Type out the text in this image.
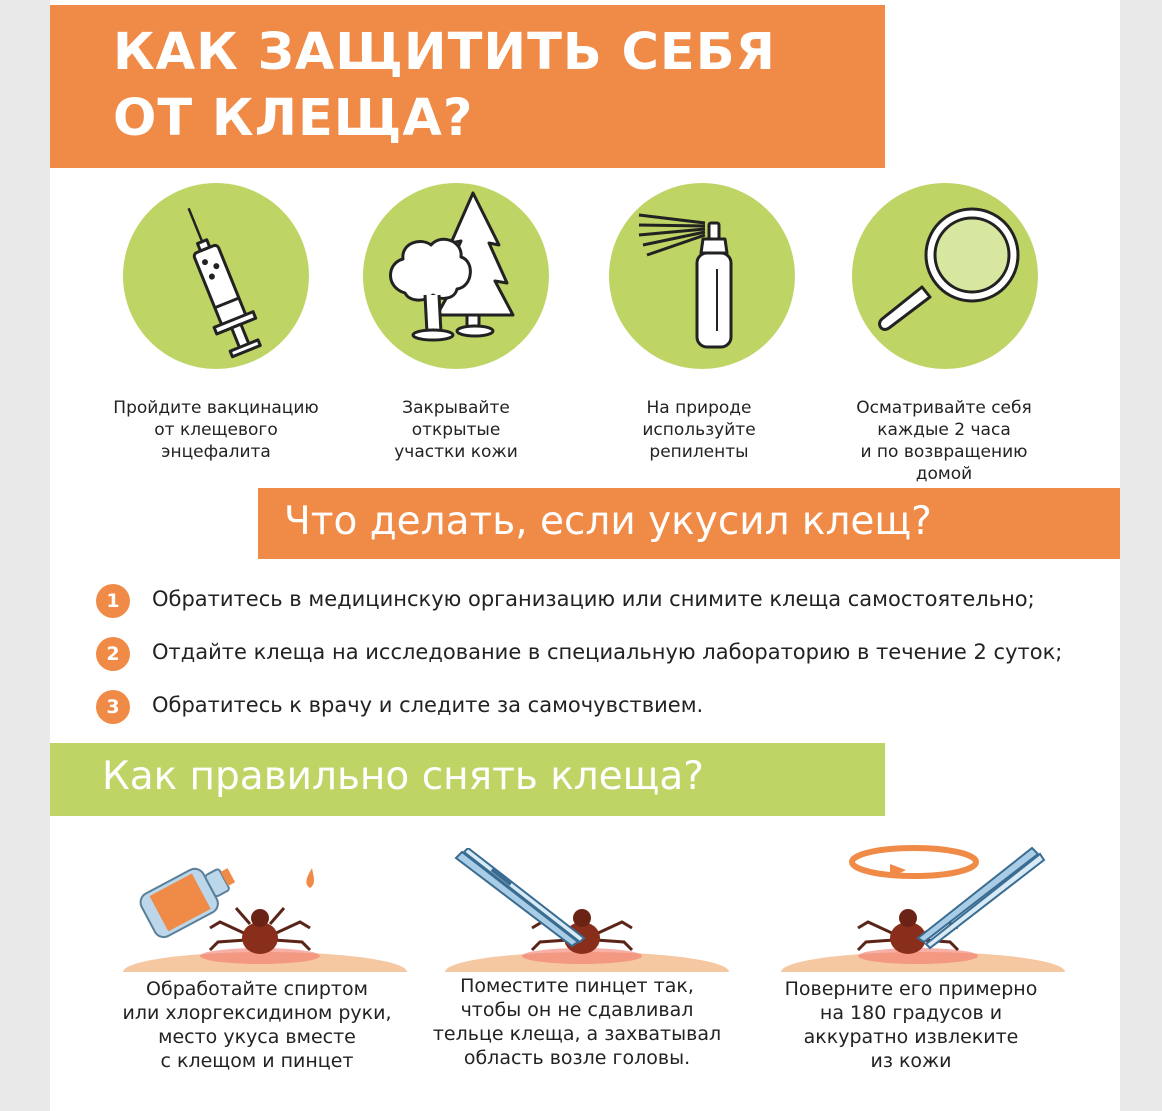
КАК ЗАЩИТИТЬ СЕБЯ
ОТ КЛЕЩА?
Пройдите вакцинацию
от клещевого
энцефалита
Закрывайте
открытые
участки кожи
На природе
используйте
репиленты
Осматривайте себя
каждые 2 часа
и по возвращению
домой
Что делать, если укусил клещ?
1	Обратитесь в медицинскую организацию или снимите клеща самостоятельно;
2	Отдайте клеща на исследование в специальную лабораторию в течение 2 суток;
3	Обратитесь к врачу и следите за самочувствием.
Как правильно снять клеща?
Обработайте спиртом
или хлоргексидином руки,
место укуса вместе
с клещом и пинцет
Поместите пинцет так,
чтобы он не сдавливал
тельце клеща, а захватывал
область возле головы.
Поверните его примерно
на 180 градусов и
аккуратно извлеките
из кожи
